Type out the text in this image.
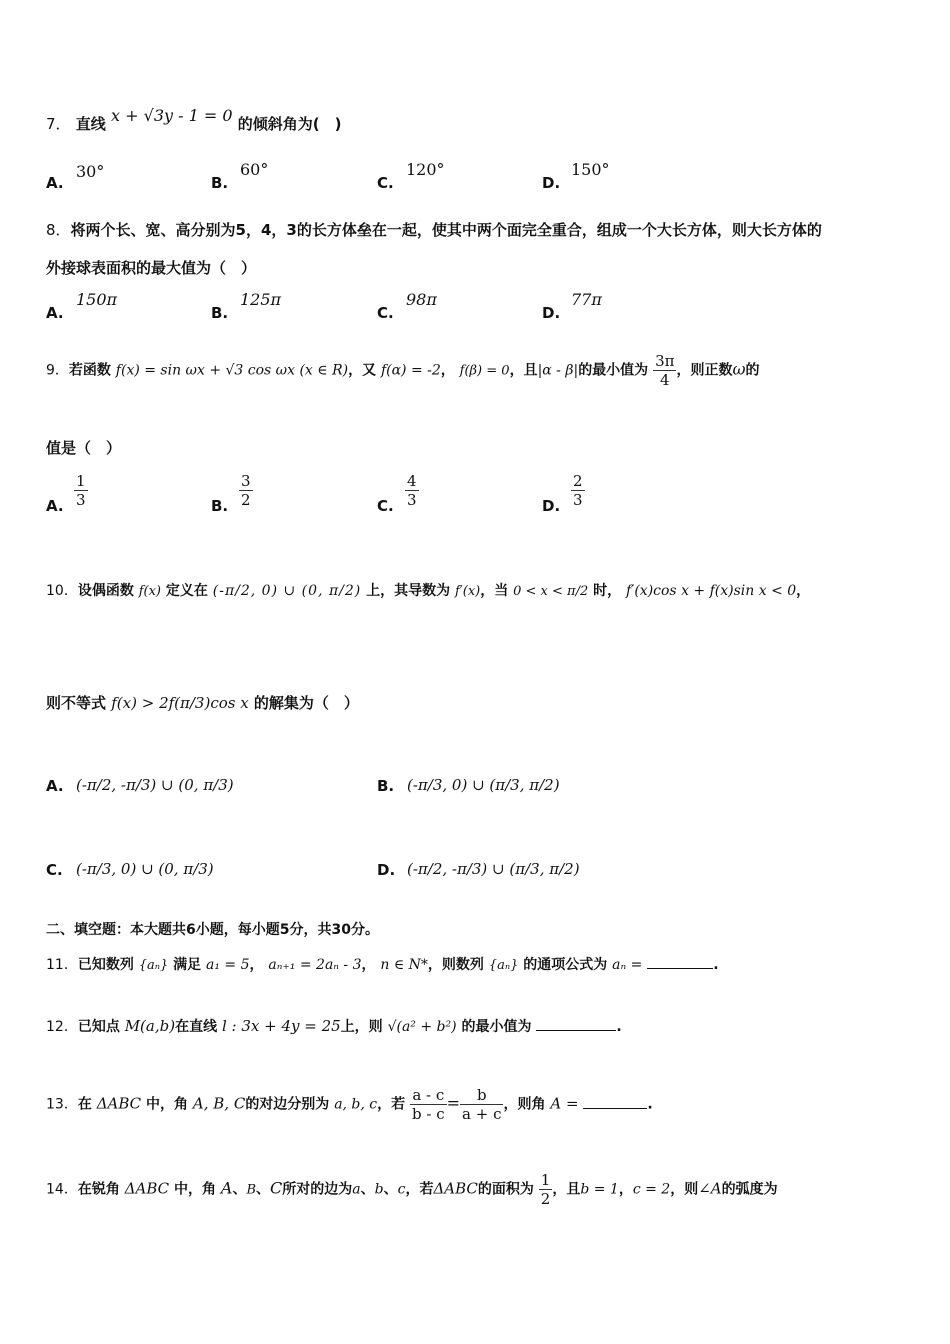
7． 直线 x + √3y - 1 = 0 的倾斜角为(　)
A.
30°
B.
60°
C.
120°
D.
150°
8．将两个长、宽、高分别为5，4，3的长方体垒在一起，使其中两个面完全重合，组成一个大长方体，则大长方体的
外接球表面积的最大值为（　）
A.
150π
B.
125π
C.
98π
D.
77π
9．若函数 f(x) = sin ωx + √3 cos ωx (x ∈ R)，又 f(α) = -2， f(β) = 0，且|α - β|的最小值为 $\frac{3\pi}{4}$ ，则正数ω的
值是（　）
A. $\frac{1}{3}$	B. $\frac{3}{2}$	C. $\frac{4}{3}$	D. $\frac{2}{3}$
10．设偶函数 f(x) 定义在 (-π/2, 0) ∪ (0, π/2) 上，其导数为 f′(x)，当 0 < x < π/2 时， f′(x)cos x + f(x)sin x < 0，
则不等式 f(x) > 2f(π/3)cos x 的解集为（　）
A. (-π/2, -π/3) ∪ (0, π/3)	B. (-π/3, 0) ∪ (π/3, π/2)
C. (-π/3, 0) ∪ (0, π/3)	D. (-π/2, -π/3) ∪ (π/3, π/2)
二、填空题：本大题共6小题，每小题5分，共30分。
11．已知数列 {aₙ} 满足 a₁ = 5， aₙ₊₁ = 2aₙ - 3， n ∈ N*，则数列 {aₙ} 的通项公式为 aₙ =	.
12．已知点 M(a,b)在直线 l : 3x + 4y = 25上，则 √(a² + b²) 的最小值为	.
13．在 ΔABC 中，角 A, B, C的对边分别为 a, b, c，若 $\frac{a - c}{b - c} = \frac{b}{a + c}$ ，则角 A =	.
14．在锐角 ΔABC 中，角 A、B、C所对的边为a、b、c，若ΔABC的面积为 $\frac{1}{2}$ ，且b = 1，c = 2，则∠A的弧度为
